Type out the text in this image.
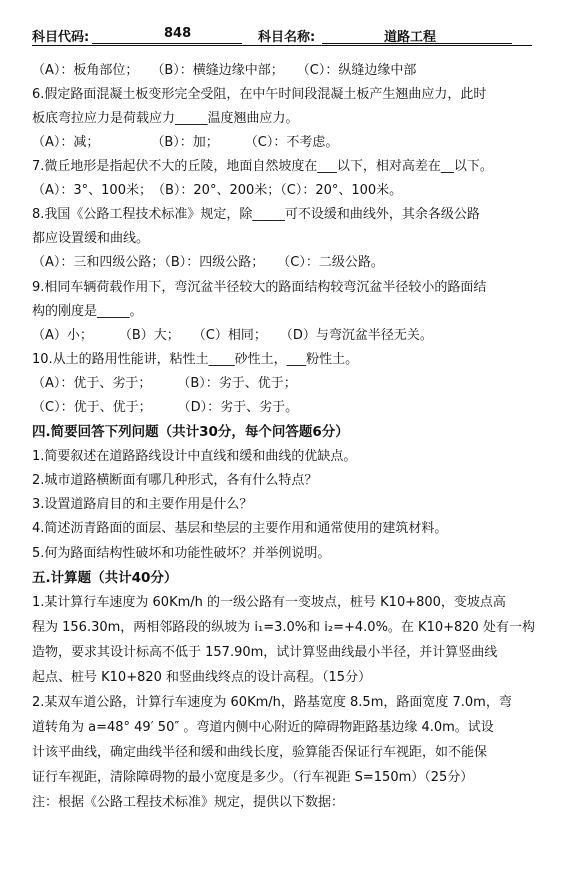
科目代码:	848	科目名称:	道路工程
（A）：板角部位；　　（B）：横缝边缘中部；　　（C）：纵缝边缘中部
6.假定路面混凝土板变形完全受阻，在中午时间段混凝土板产生翘曲应力，此时
板底弯拉应力是荷载应力_____温度翘曲应力。
（A）：减；　　　　　（B）：加；　　　（C）：不考虑。
7.微丘地形是指起伏不大的丘陵，地面自然坡度在___以下，相对高差在__以下。
（A）：3°、100米；　（B）：20°、200米；（C）：20°、100米。
8.我国《公路工程技术标准》规定，除_____可不设缓和曲线外，其余各级公路
都应设置缓和曲线。
（A）：三和四级公路；（B）：四级公路；　　（C）：二级公路。
9.相同车辆荷载作用下，弯沉盆半径较大的路面结构较弯沉盆半径较小的路面结
构的刚度是_____。
（A）小；　　　（B）大；　　（C）相同；　　（D）与弯沉盆半径无关。
10.从土的路用性能讲，粘性土____砂性土，___粉性土。
（A）：优于、劣于；　　　（B）：劣于、优于；
（C）：优于、优于；　　　（D）：劣于、劣于。
四.简要回答下列问题（共计30分，每个问答题6分）
1.简要叙述在道路路线设计中直线和缓和曲线的优缺点。
2.城市道路横断面有哪几种形式，各有什么特点？
3.设置道路肩目的和主要作用是什么？
4.简述沥青路面的面层、基层和垫层的主要作用和通常使用的建筑材料。
5.何为路面结构性破坏和功能性破坏？并举例说明。
五.计算题（共计40分）
1.某计算行车速度为 60Km/h 的一级公路有一变坡点，桩号 K10+800，变坡点高
程为 156.30m，两相邻路段的纵坡为 i₁=3.0%和 i₂=+4.0%。在 K10+820 处有一构
造物，要求其设计标高不低于 157.90m，试计算竖曲线最小半径，并计算竖曲线
起点、桩号 K10+820 和竖曲线终点的设计高程。（15分）
2.某双车道公路，计算行车速度为 60Km/h，路基宽度 8.5m，路面宽度 7.0m，弯
道转角为 a=48° 49′ 50″ 。弯道内侧中心附近的障碍物距路基边缘 4.0m。试设
计该平曲线，确定曲线半径和缓和曲线长度，验算能否保证行车视距，如不能保
证行车视距，清除障碍物的最小宽度是多少。（行车视距 S=150m）（25分）
注：根据《公路工程技术标准》规定，提供以下数据：
